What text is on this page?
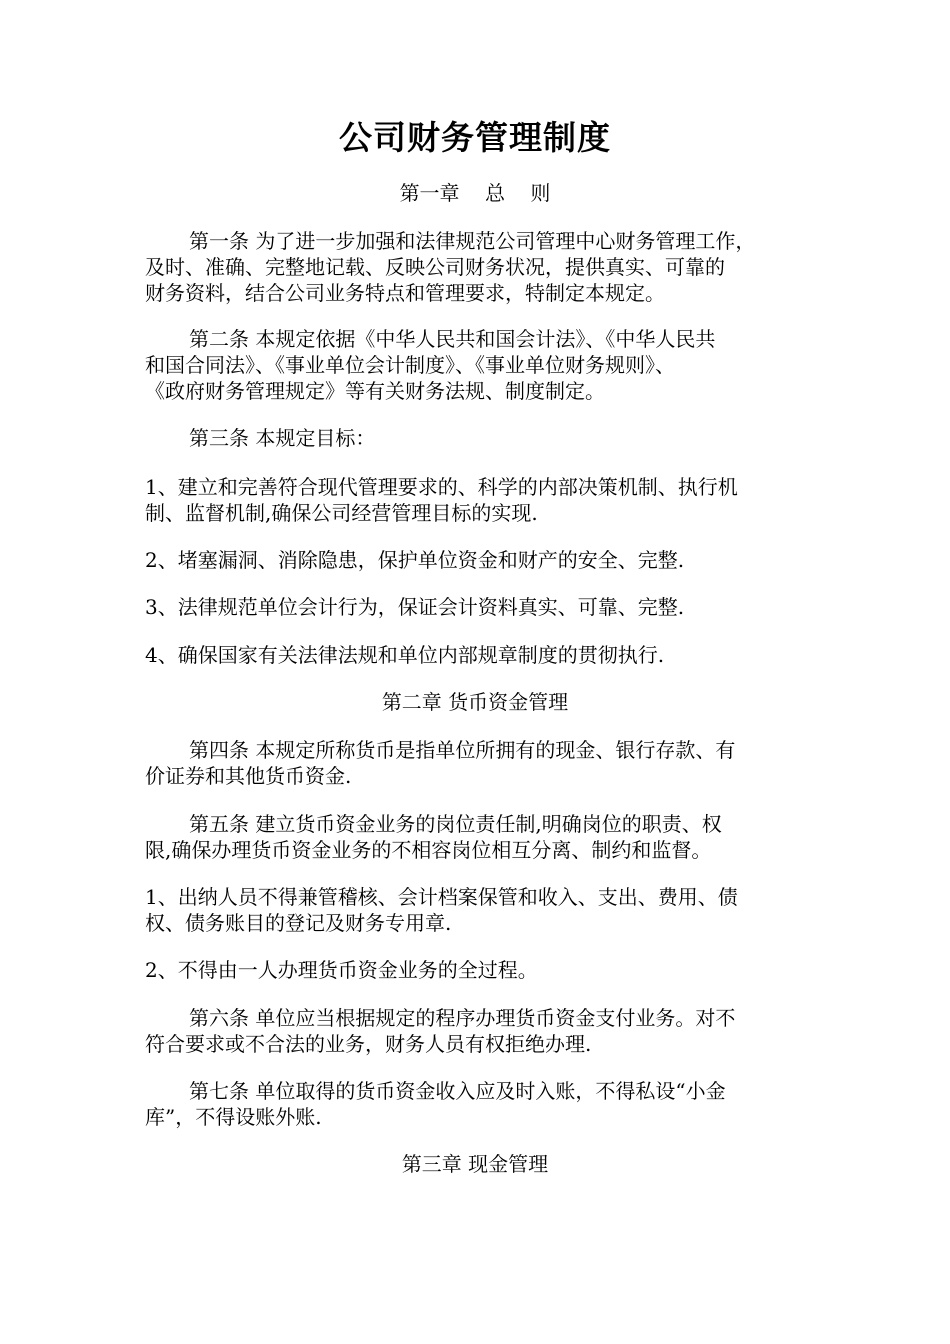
公司财务管理制度
第一章    总    则
第一条 为了进一步加强和法律规范公司管理中心财务管理工作，
及时、准确、完整地记载、反映公司财务状况，提供真实、可靠的
财务资料，结合公司业务特点和管理要求，特制定本规定。
第二条 本规定依据《中华人民共和国会计法》、《中华人民共
和国合同法》、《事业单位会计制度》、《事业单位财务规则》、
《政府财务管理规定》等有关财务法规、制度制定。
第三条 本规定目标：
1、建立和完善符合现代管理要求的、科学的内部决策机制、执行机
制、监督机制,确保公司经营管理目标的实现.
2、堵塞漏洞、消除隐患，保护单位资金和财产的安全、完整.
3、法律规范单位会计行为，保证会计资料真实、可靠、完整.
4、确保国家有关法律法规和单位内部规章制度的贯彻执行.
第二章 货币资金管理
第四条 本规定所称货币是指单位所拥有的现金、银行存款、有
价证券和其他货币资金.
第五条 建立货币资金业务的岗位责任制,明确岗位的职责、权
限,确保办理货币资金业务的不相容岗位相互分离、制约和监督。
1、出纳人员不得兼管稽核、会计档案保管和收入、支出、费用、债
权、债务账目的登记及财务专用章.
2、不得由一人办理货币资金业务的全过程。
第六条 单位应当根据规定的程序办理货币资金支付业务。对不
符合要求或不合法的业务，财务人员有权拒绝办理.
第七条 单位取得的货币资金收入应及时入账，不得私设“小金
库”，不得设账外账.
第三章 现金管理
